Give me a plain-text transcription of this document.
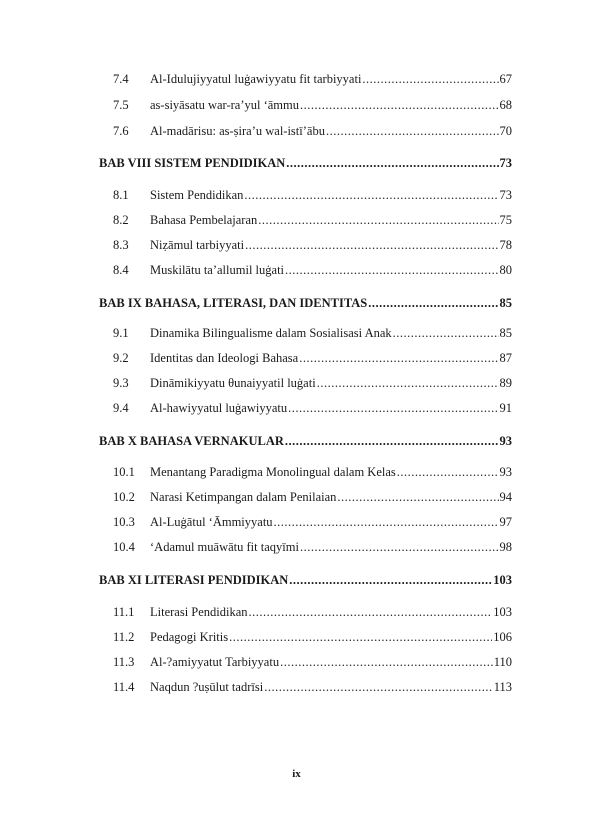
7.4	Al-Idulujiyyatul luġawiyyatu fit tarbiyyati .....	67
7.5	as-siyāsatu war-ra’yul ‘āmmu .....	68
7.6	Al-madārisu: as-ṣira’u wal-istī’ābu .....	70
BAB VIII SISTEM PENDIDIKAN .....	73
8.1	Sistem Pendidikan .....	73
8.2	Bahasa Pembelajaran .....	75
8.3	Niẓāmul tarbiyyati .....	78
8.4	Muskilātu ta’allumil luġati .....	80
BAB IX BAHASA, LITERASI, DAN IDENTITAS .....	85
9.1	Dinamika Bilingualisme dalam Sosialisasi Anak .....	85
9.2	Identitas dan Ideologi Bahasa .....	87
9.3	Dināmikiyyatu θunaiyyatil luġati .....	89
9.4	Al-hawiyyatul luġawiyyatu .....	91
BAB X BAHASA VERNAKULAR .....	93
10.1	Menantang Paradigma Monolingual dalam Kelas .....	93
10.2	Narasi Ketimpangan dalam Penilaian .....	94
10.3	Al-Luġātul ‘Āmmiyyatu .....	97
10.4	‘Adamul muāwātu fit taqyīmi .....	98
BAB XI LITERASI PENDIDIKAN .....	103
11.1	Literasi Pendidikan .....	103
11.2	Pedagogi Kritis .....	106
11.3	Al-?amiyyatut Tarbiyyatu .....	110
11.4	Naqdun ?uṣūlut tadrīsi .....	113
ix
